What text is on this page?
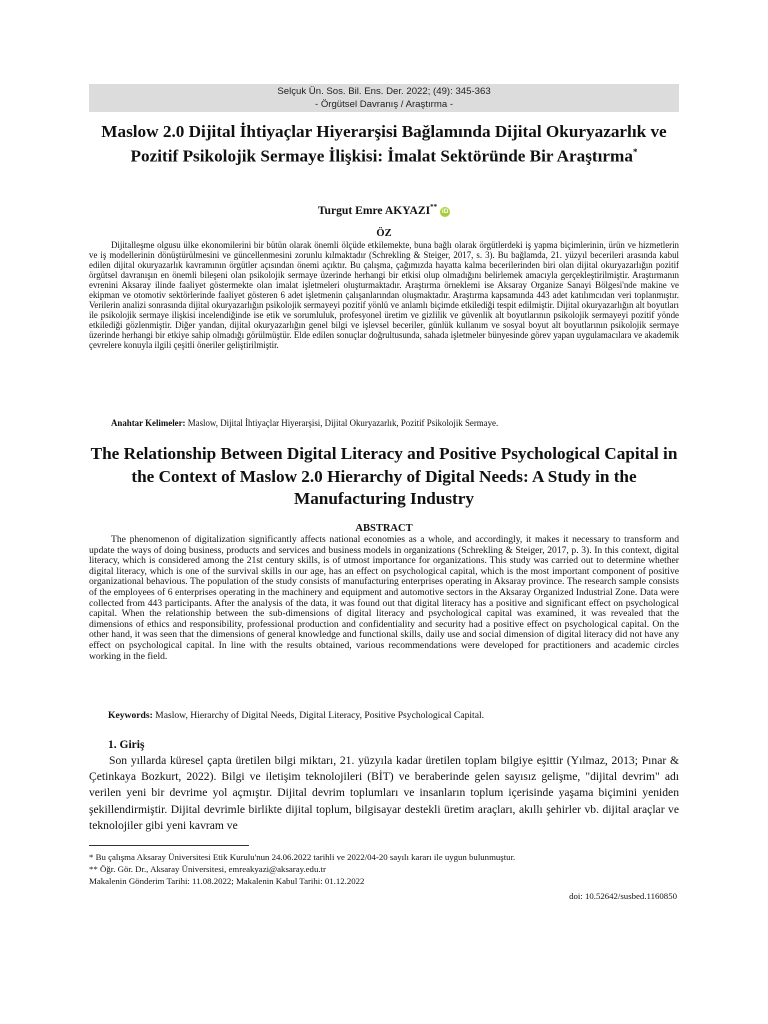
Selçuk Ün. Sos. Bil. Ens. Der. 2022; (49): 345-363
- Örgütsel Davranış / Araştırma -
Maslow 2.0 Dijital İhtiyaçlar Hiyerarşisi Bağlamında Dijital Okuryazarlık ve Pozitif Psikolojik Sermaye İlişkisi: İmalat Sektöründe Bir Araştırma*
Turgut Emre AKYAZI**iD
ÖZ

Dijitalleşme olgusu ülke ekonomilerini bir bütün olarak önemli ölçüde etkilemekte, buna bağlı olarak örgütlerdeki iş yapma biçimlerinin, ürün ve hizmetlerin ve iş modellerinin dönüştürülmesini ve güncellenmesini zorunlu kılmaktadır (Schrekling & Steiger, 2017, s. 3). Bu bağlamda, 21. yüzyıl becerileri arasında kabul edilen dijital okuryazarlık kavramının örgütler açısından önemi açıktır. Bu çalışma, çağımızda hayatta kalma becerilerinden biri olan dijital okuryazarlığın pozitif örgütsel davranışın en önemli bileşeni olan psikolojik sermaye üzerinde herhangi bir etkisi olup olmadığını belirlemek amacıyla gerçekleştirilmiştir. Araştırmanın evrenini Aksaray ilinde faaliyet göstermekte olan imalat işletmeleri oluşturmaktadır. Araştırma örneklemi ise Aksaray Organize Sanayi Bölgesi'nde makine ve ekipman ve otomotiv sektörlerinde faaliyet gösteren 6 adet işletmenin çalışanlarından oluşmaktadır. Araştırma kapsamında 443 adet katılımcıdan veri toplanmıştır. Verilerin analizi sonrasında dijital okuryazarlığın psikolojik sermayeyi pozitif yönlü ve anlamlı biçimde etkilediği tespit edilmiştir. Dijital okuryazarlığın alt boyutları ile psikolojik sermaye ilişkisi incelendiğinde ise etik ve sorumluluk, profesyonel üretim ve gizlilik ve güvenlik alt boyutlarının psikolojik sermayeyi pozitif yönde etkilediği gözlenmiştir. Diğer yandan, dijital okuryazarlığın genel bilgi ve işlevsel beceriler, günlük kullanım ve sosyal boyut alt boyutlarının psikolojik sermaye üzerinde herhangi bir etkiye sahip olmadığı görülmüştür. Elde edilen sonuçlar doğrultusunda, sahada işletmeler bünyesinde görev yapan uygulamacılara ve akademik çevrelere konuyla ilgili çeşitli öneriler geliştirilmiştir.

Anahtar Kelimeler: Maslow, Dijital İhtiyaçlar Hiyerarşisi, Dijital Okuryazarlık, Pozitif Psikolojik Sermaye.
The Relationship Between Digital Literacy and Positive Psychological Capital in the Context of Maslow 2.0 Hierarchy of Digital Needs: A Study in the Manufacturing Industry
ABSTRACT

The phenomenon of digitalization significantly affects national economies as a whole, and accordingly, it makes it necessary to transform and update the ways of doing business, products and services and business models in organizations (Schrekling & Steiger, 2017, p. 3). In this context, digital literacy, which is considered among the 21st century skills, is of utmost importance for organizations. This study was carried out to determine whether digital literacy, which is one of the survival skills in our age, has an effect on psychological capital, which is the most important component of positive organizational behavious. The population of the study consists of manufacturing enterprises operating in Aksaray province. The research sample consists of the employees of 6 enterprises operating in the machinery and equipment and automotive sectors in the Aksaray Organized Industrial Zone. Data were collected from 443 participants. After the analysis of the data, it was found out that digital literacy has a positive and significant effect on psychological capital. When the relationship between the sub-dimensions of digital literacy and psychological capital was examined, it was revealed that the dimensions of ethics and responsibility, professional production and confidentiality and security had a positive effect on psychological capital. On the other hand, it was seen that the dimensions of general knowledge and functional skills, daily use and social dimension of digital literacy did not have any effect on psychological capital. In line with the results obtained, various recommendations were developed for practitioners and academic circles working in the field.

Keywords: Maslow, Hierarchy of Digital Needs, Digital Literacy, Positive Psychological Capital.
1. Giriş

Son yıllarda küresel çapta üretilen bilgi miktarı, 21. yüzyıla kadar üretilen toplam bilgiye eşittir (Yılmaz, 2013; Pınar & Çetinkaya Bozkurt, 2022). Bilgi ve iletişim teknolojileri (BİT) ve beraberinde gelen sayısız gelişme, "dijital devrim" adı verilen yeni bir devrime yol açmıştır. Dijital devrim toplumları ve insanların toplum içerisinde yaşama biçimini yeniden şekillendirmiştir. Dijital devrimle birlikte dijital toplum, bilgisayar destekli üretim araçları, akıllı şehirler vb. dijital araçlar ve teknolojiler gibi yeni kavram ve

* Bu çalışma Aksaray Üniversitesi Etik Kurulu'nun 24.06.2022 tarihli ve 2022/04-20 sayılı kararı ile uygun bulunmuştur.
** Öğr. Gör. Dr., Aksaray Üniversitesi, emreakyazi@aksaray.edu.tr
Makalenin Gönderim Tarihi: 11.08.2022; Makalenin Kabul Tarihi: 01.12.2022
doi: 10.52642/susbed.1160850
